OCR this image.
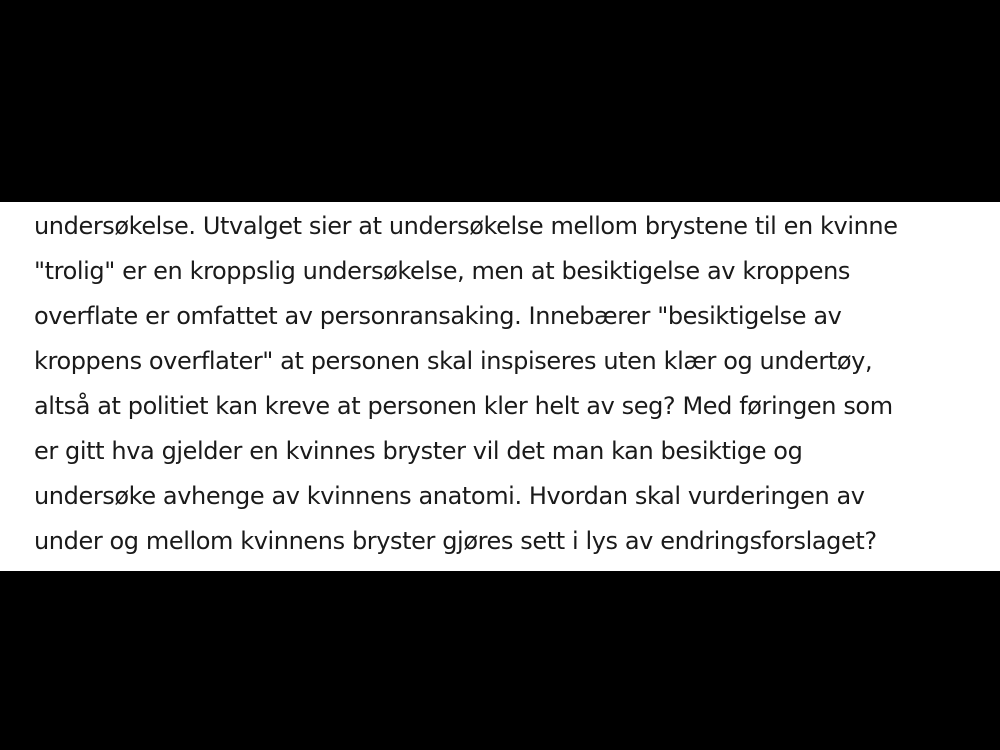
undersøkelse. Utvalget sier at undersøkelse mellom brystene til en kvinne
"trolig" er en kroppslig undersøkelse, men at besiktigelse av kroppens
overflate er omfattet av personransaking. Innebærer "besiktigelse av
kroppens overflater" at personen skal inspiseres uten klær og undertøy,
altså at politiet kan kreve at personen kler helt av seg? Med føringen som
er gitt hva gjelder en kvinnes bryster vil det man kan besiktige og
undersøke avhenge av kvinnens anatomi. Hvordan skal vurderingen av
under og mellom kvinnens bryster gjøres sett i lys av endringsforslaget?
